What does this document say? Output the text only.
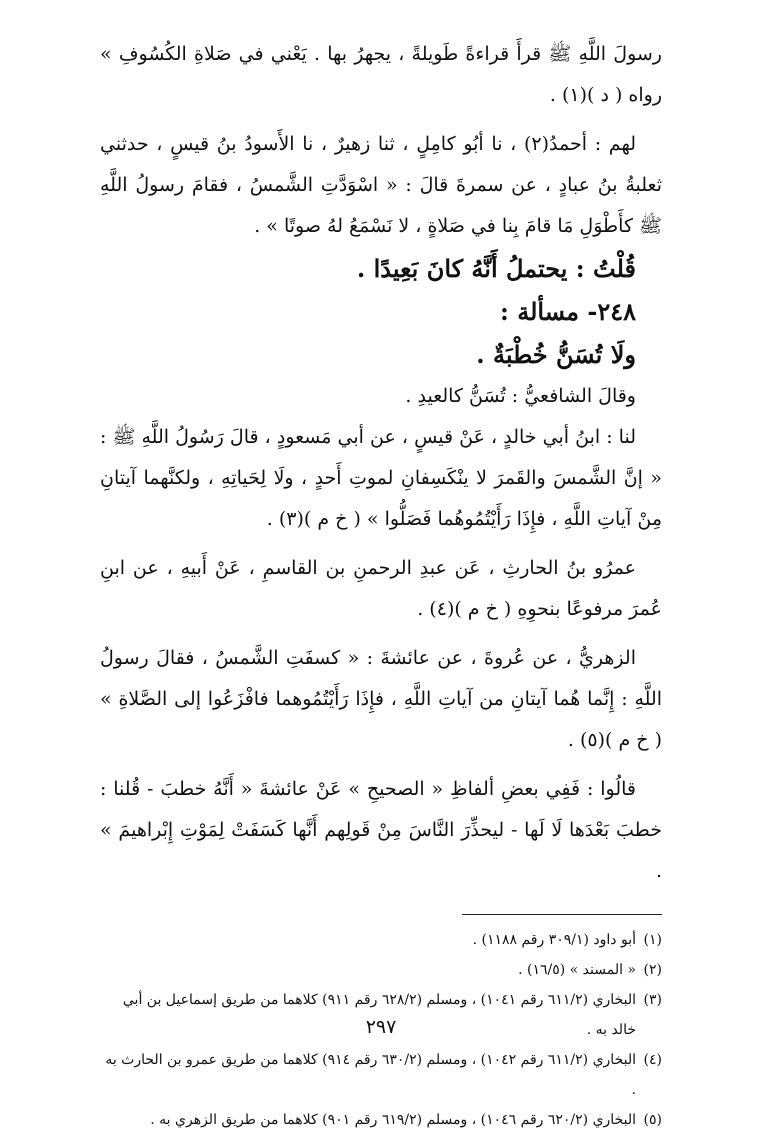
رسولَ اللَّهِ ﷺ قرأَ قراءةً طَويلةً ، يجهرُ بها . يَعْني في صَلاةِ الكُسُوفِ » رواه ( د )(١) .

لهم : أحمدُ(٢) ، نا أبُو كامِلٍ ، ثنا زهيرٌ ، نا الأَسودُ بنُ قيسٍ ، حدثني ثعلبةُ بنُ عبادٍ ، عن سمرةَ قالَ : « اسْوَدَّتِ الشَّمسُ ، فقامَ رسولُ اللَّهِ ﷺ كأَطْوَلِ مَا قامَ بِنا في صَلاةٍ ، لا نَسْمَعُ لهُ صوتًا » .

قُلْتُ : يحتملُ أَنَّهُ كانَ بَعِيدًا .

٢٤٨- مسألة :

ولَا تُسَنُّ خُطْبَةٌ .

وقالَ الشافعيُّ : تُسَنُّ كالعيدِ .

لنا : ابنُ أبي خالدٍ ، عَنْ قيسٍ ، عن أبي مَسعودٍ ، قالَ رَسُولُ اللَّهِ ﷺ : « إنَّ الشَّمسَ والقَمرَ لا ينْكَسِفانِ لموتِ أَحدٍ ، ولَا لِحَياتِهِ ، ولكنَّهما آيتانِ مِنْ آياتِ اللَّهِ ، فإِذَا رَأَيْتُمُوهُما فَصَلُّوا » ( خ م )(٣) .

عمرُو بنُ الحارثِ ، عَن عبدِ الرحمنِ بن القاسمِ ، عَنْ أَبيهِ ، عن ابنِ عُمرَ مرفوعًا بنحوِهِ ( خ م )(٤) .

الزهريُّ ، عن عُروةَ ، عن عائشةَ : « كسفَتِ الشَّمسُ ، فقالَ رسولُ اللَّهِ : إِنَّما هُما آيتانِ من آياتِ اللَّهِ ، فإِذَا رَأَيْتُمُوهما فافْزَعُوا إلى الصَّلاةِ » ( خ م )(٥) .

قالُوا : فَفِي بعضِ ألفاظِ « الصحيحِ » عَنْ عائشةَ « أَنَّهُ خطبَ - قُلنا : خطبَ بَعْدَها لَا لَها - ليحذِّرَ النَّاسَ مِنْ قَولِهم أَنَّها كَسَفَتْ لِمَوْتِ إِبْراهيمَ » .

(١)
أبو داود (٣٠٩/١ رقم ١١٨٨) .
(٢)
« المسند » (١٦/٥) .
(٣)
البخاري (٦١١/٢ رقم ١٠٤١) ، ومسلم (٦٢٨/٢ رقم ٩١١) كلاهما من طريق إسماعيل بن أبي خالد به .
(٤)
البخاري (٦١١/٢ رقم ١٠٤٢) ، ومسلم (٦٣٠/٢ رقم ٩١٤) كلاهما من طريق عمرو بن الحارث به .
(٥)
البخاري (٦٢٠/٢ رقم ١٠٤٦) ، ومسلم (٦١٩/٢ رقم ٩٠١) كلاهما من طريق الزهري به .
٢٩٧
